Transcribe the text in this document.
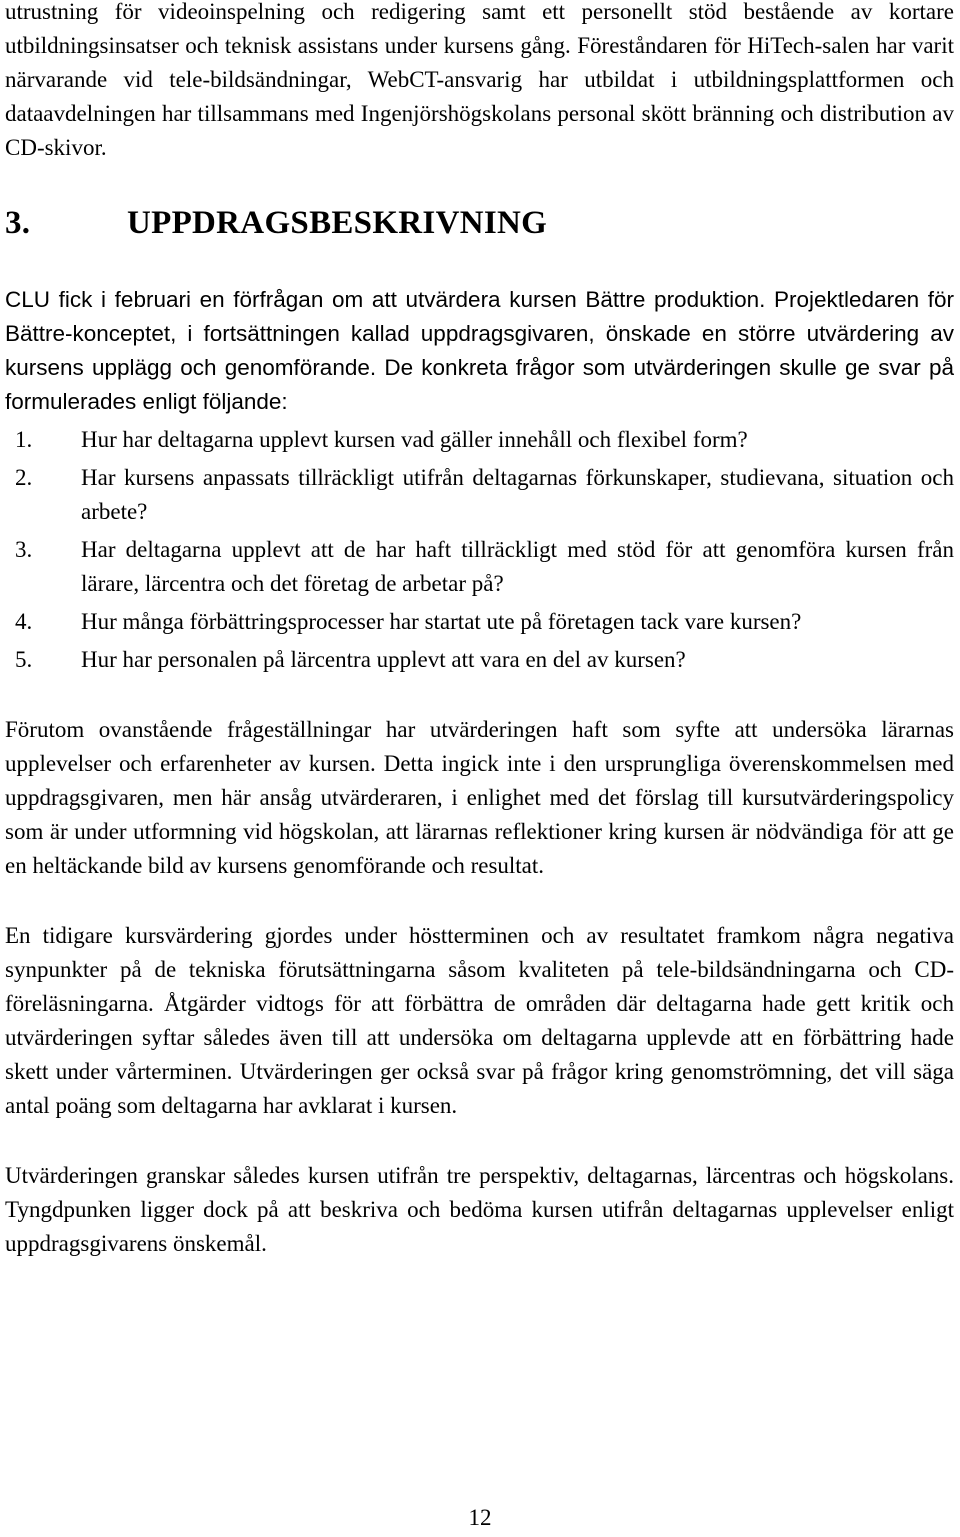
utrustning för videoinspelning och redigering samt ett personellt stöd bestående av kortare utbildningsinsatser och teknisk assistans under kursens gång. Föreståndaren för HiTech-salen har varit närvarande vid tele-bildsändningar, WebCT-ansvarig har utbildat i utbildningsplattformen och dataavdelningen har tillsammans med Ingenjörshögskolans personal skött bränning och distribution av CD-skivor.

3.	UPPDRAGSBESKRIVNING

CLU fick i februari en förfrågan om att utvärdera kursen Bättre produktion. Projektledaren för Bättre-konceptet, i fortsättningen kallad uppdragsgivaren, önskade en större utvärdering av kursens upplägg och genomförande. De konkreta frågor som utvärderingen skulle ge svar på formulerades enligt följande:

1. Hur har deltagarna upplevt kursen vad gäller innehåll och flexibel form?
2. Har kursens anpassats tillräckligt utifrån deltagarnas förkunskaper, studievana, situation och arbete?
3. Har deltagarna upplevt att de har haft tillräckligt med stöd för att genomföra kursen från lärare, lärcentra och det företag de arbetar på?
4. Hur många förbättringsprocesser har startat ute på företagen tack vare kursen?
5. Hur har personalen på lärcentra upplevt att vara en del av kursen?

Förutom ovanstående frågeställningar har utvärderingen haft som syfte att undersöka lärarnas upplevelser och erfarenheter av kursen. Detta ingick inte i den ursprungliga överenskommelsen med uppdragsgivaren, men här ansåg utvärderaren, i enlighet med det förslag till kursutvärderingspolicy som är under utformning vid högskolan, att lärarnas reflektioner kring kursen är nödvändiga för att ge en heltäckande bild av kursens genomförande och resultat.

En tidigare kursvärdering gjordes under höstterminen och av resultatet framkom några negativa synpunkter på de tekniska förutsättningarna såsom kvaliteten på tele-bildsändningarna och CD-föreläsningarna. Åtgärder vidtogs för att förbättra de områden där deltagarna hade gett kritik och utvärderingen syftar således även till att undersöka om deltagarna upplevde att en förbättring hade skett under vårterminen. Utvärderingen ger också svar på frågor kring genomströmning, det vill säga antal poäng som deltagarna har avklarat i kursen.

Utvärderingen granskar således kursen utifrån tre perspektiv, deltagarnas, lärcentras och högskolans. Tyngdpunken ligger dock på att beskriva och bedöma kursen utifrån deltagarnas upplevelser enligt uppdragsgivarens önskemål.

12
